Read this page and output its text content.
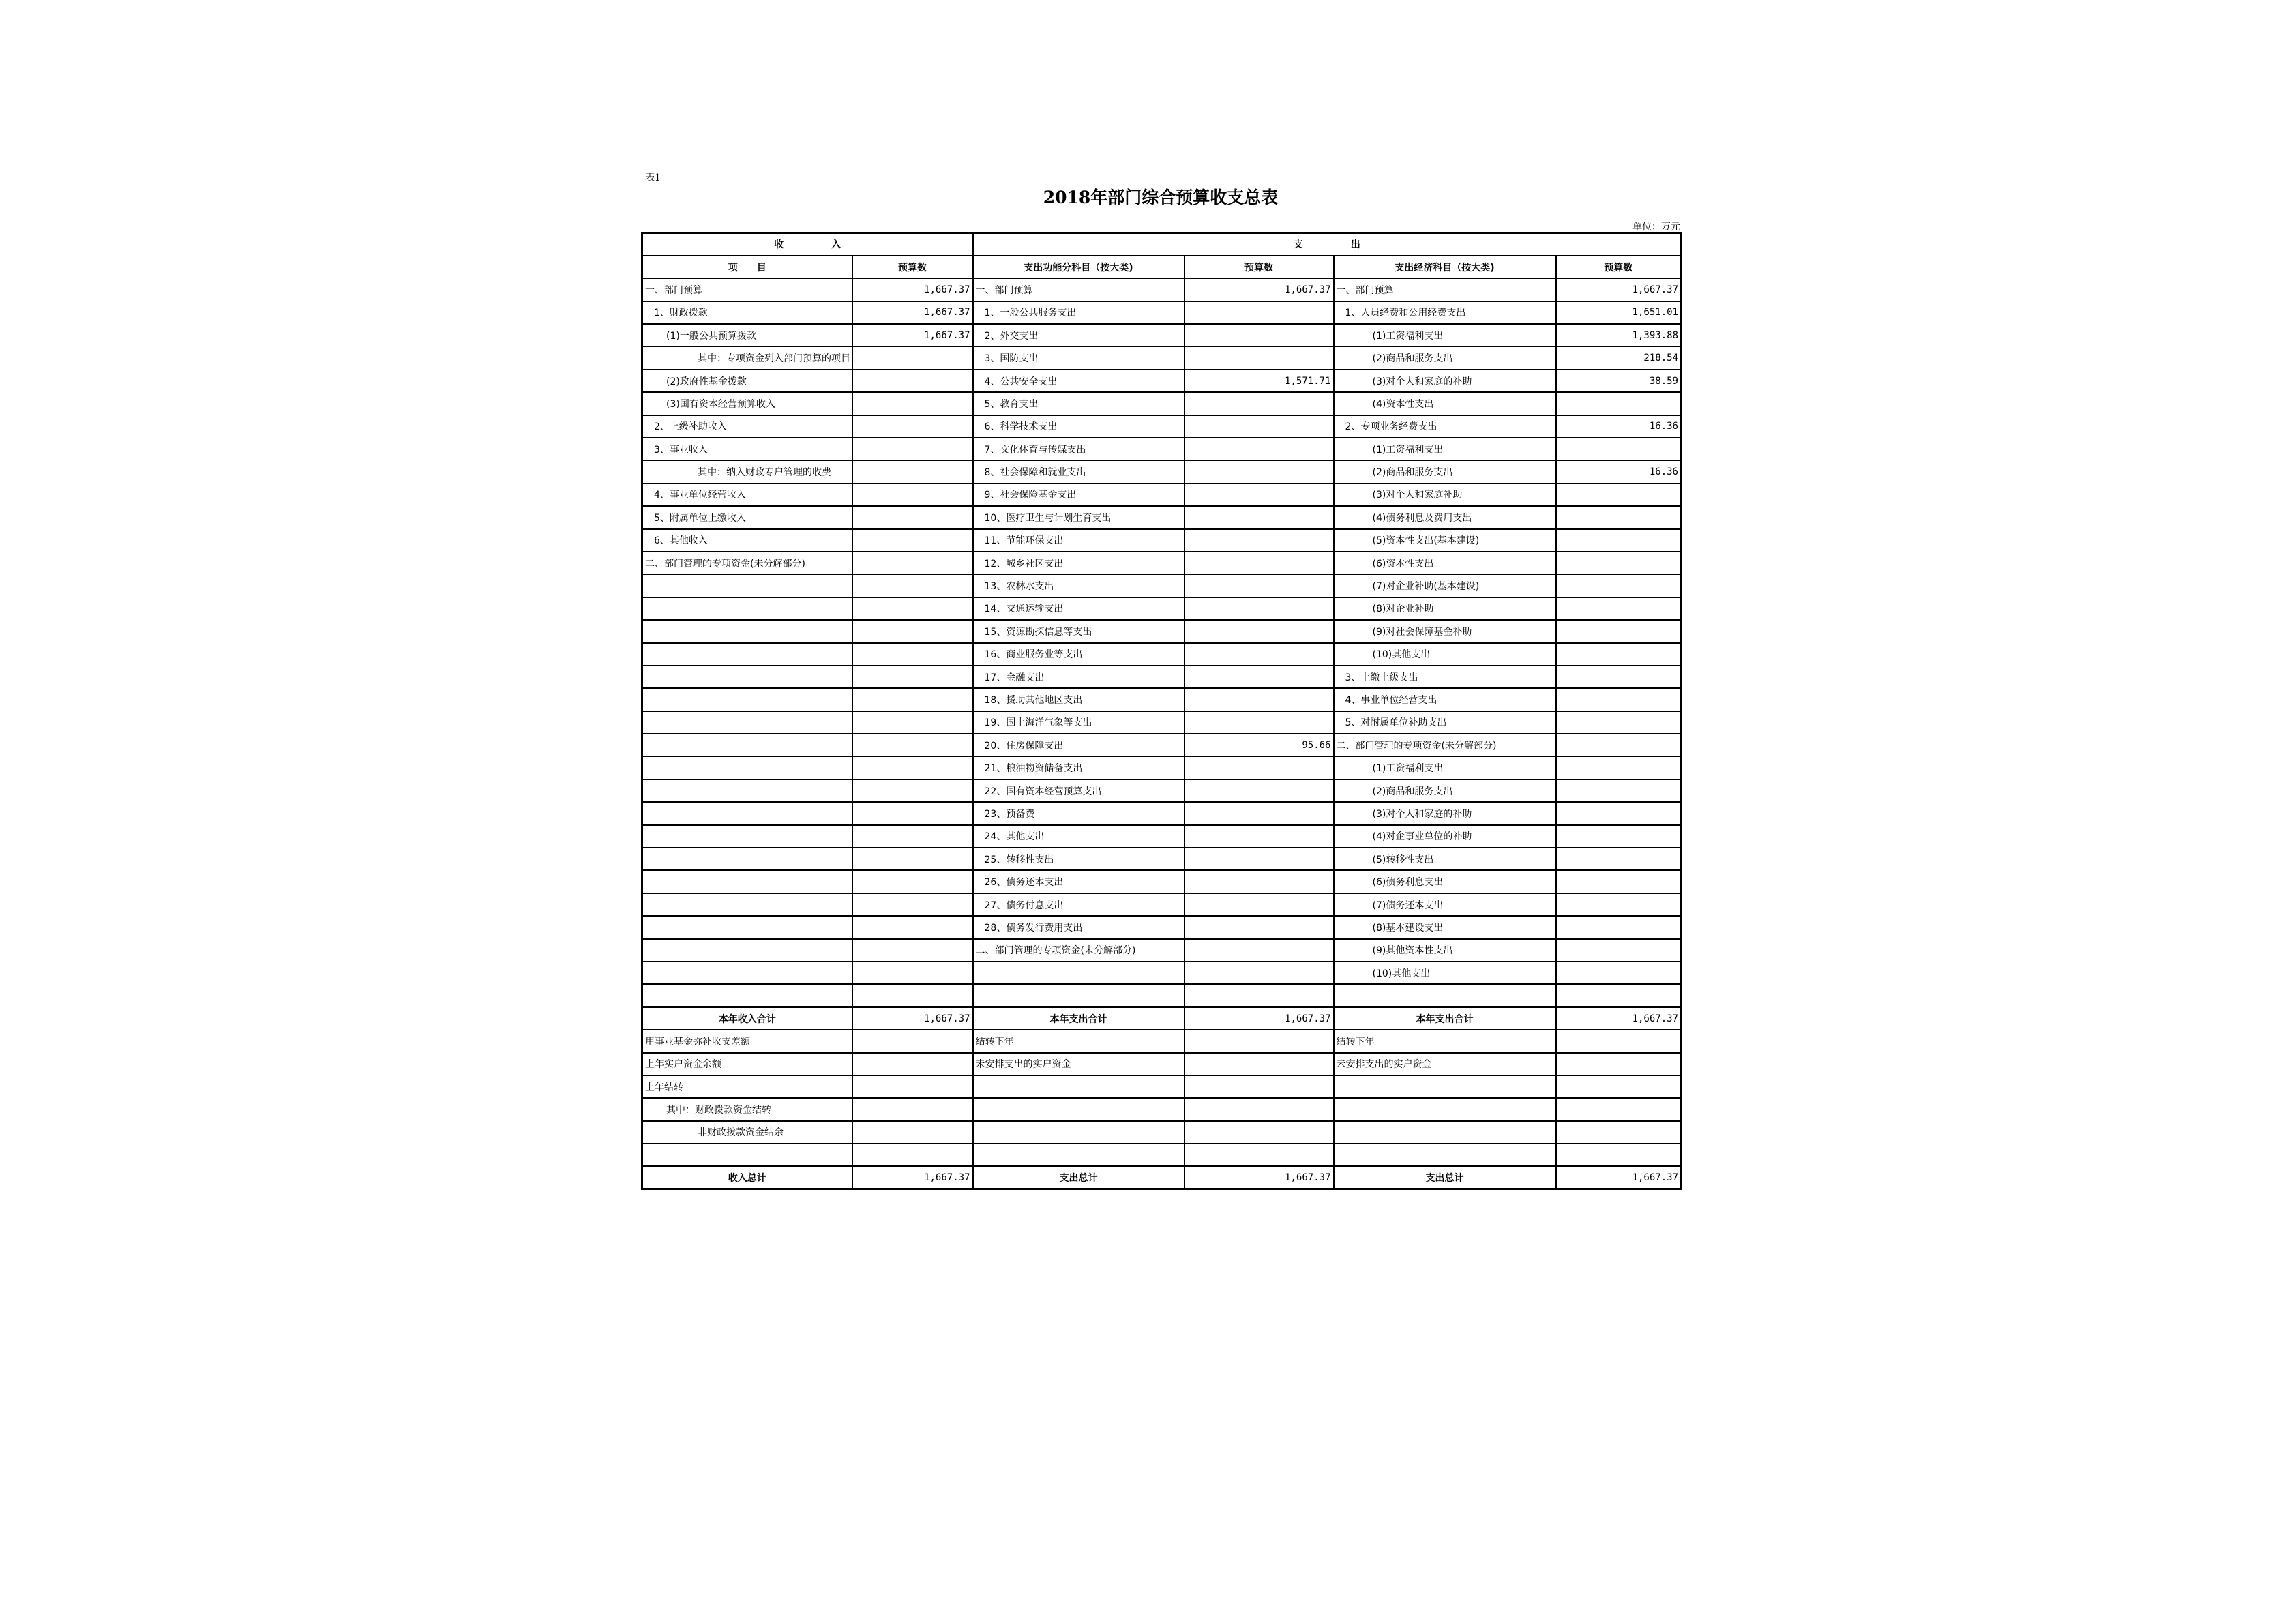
表1
2018年部门综合预算收支总表
单位：万元
收　　　　　入		支　　　　　出			
项　　目	预算数	支出功能分科目（按大类)	预算数	支出经济科目（按大类)	预算数
一、部门预算	1,667.37	一、部门预算	1,667.37	一、部门预算	1,667.37
1、财政拨款	1,667.37	1、一般公共服务支出		1、人员经费和公用经费支出	1,651.01
(1)一般公共预算拨款	1,667.37	2、外交支出		(1)工资福利支出	1,393.88
其中：专项资金列入部门预算的项目		3、国防支出		(2)商品和服务支出	218.54
(2)政府性基金拨款		4、公共安全支出	1,571.71	(3)对个人和家庭的补助	38.59
(3)国有资本经营预算收入		5、教育支出		(4)资本性支出	
2、上级补助收入		6、科学技术支出		2、专项业务经费支出	16.36
3、事业收入		7、文化体育与传媒支出		(1)工资福利支出	
其中：纳入财政专户管理的收费		8、社会保障和就业支出		(2)商品和服务支出	16.36
4、事业单位经营收入		9、社会保险基金支出		(3)对个人和家庭补助	
5、附属单位上缴收入		10、医疗卫生与计划生育支出		(4)债务利息及费用支出	
6、其他收入		11、节能环保支出		(5)资本性支出(基本建设)	
二、部门管理的专项资金(未分解部分)		12、城乡社区支出		(6)资本性支出	
		13、农林水支出		(7)对企业补助(基本建设)	
		14、交通运输支出		(8)对企业补助	
		15、资源勘探信息等支出		(9)对社会保障基金补助	
		16、商业服务业等支出		(10)其他支出	
		17、金融支出		3、上缴上级支出	
		18、援助其他地区支出		4、事业单位经营支出	
		19、国土海洋气象等支出		5、对附属单位补助支出	
		20、住房保障支出	95.66	二、部门管理的专项资金(未分解部分)	
		21、粮油物资储备支出		(1)工资福利支出	
		22、国有资本经营预算支出		(2)商品和服务支出	
		23、预备费		(3)对个人和家庭的补助	
		24、其他支出		(4)对企事业单位的补助	
		25、转移性支出		(5)转移性支出	
		26、债务还本支出		(6)债务利息支出	
		27、债务付息支出		(7)债务还本支出	
		28、债务发行费用支出		(8)基本建设支出	
		二、部门管理的专项资金(未分解部分)		(9)其他资本性支出	
				(10)其他支出	

本年收入合计	1,667.37	本年支出合计	1,667.37	本年支出合计	1,667.37
用事业基金弥补收支差额		结转下年		结转下年	
上年实户资金余额		未安排支出的实户资金		未安排支出的实户资金	
上年结转					
其中：财政拨款资金结转					
非财政拨款资金结余					

收入总计	1,667.37	支出总计	1,667.37	支出总计	1,667.37
